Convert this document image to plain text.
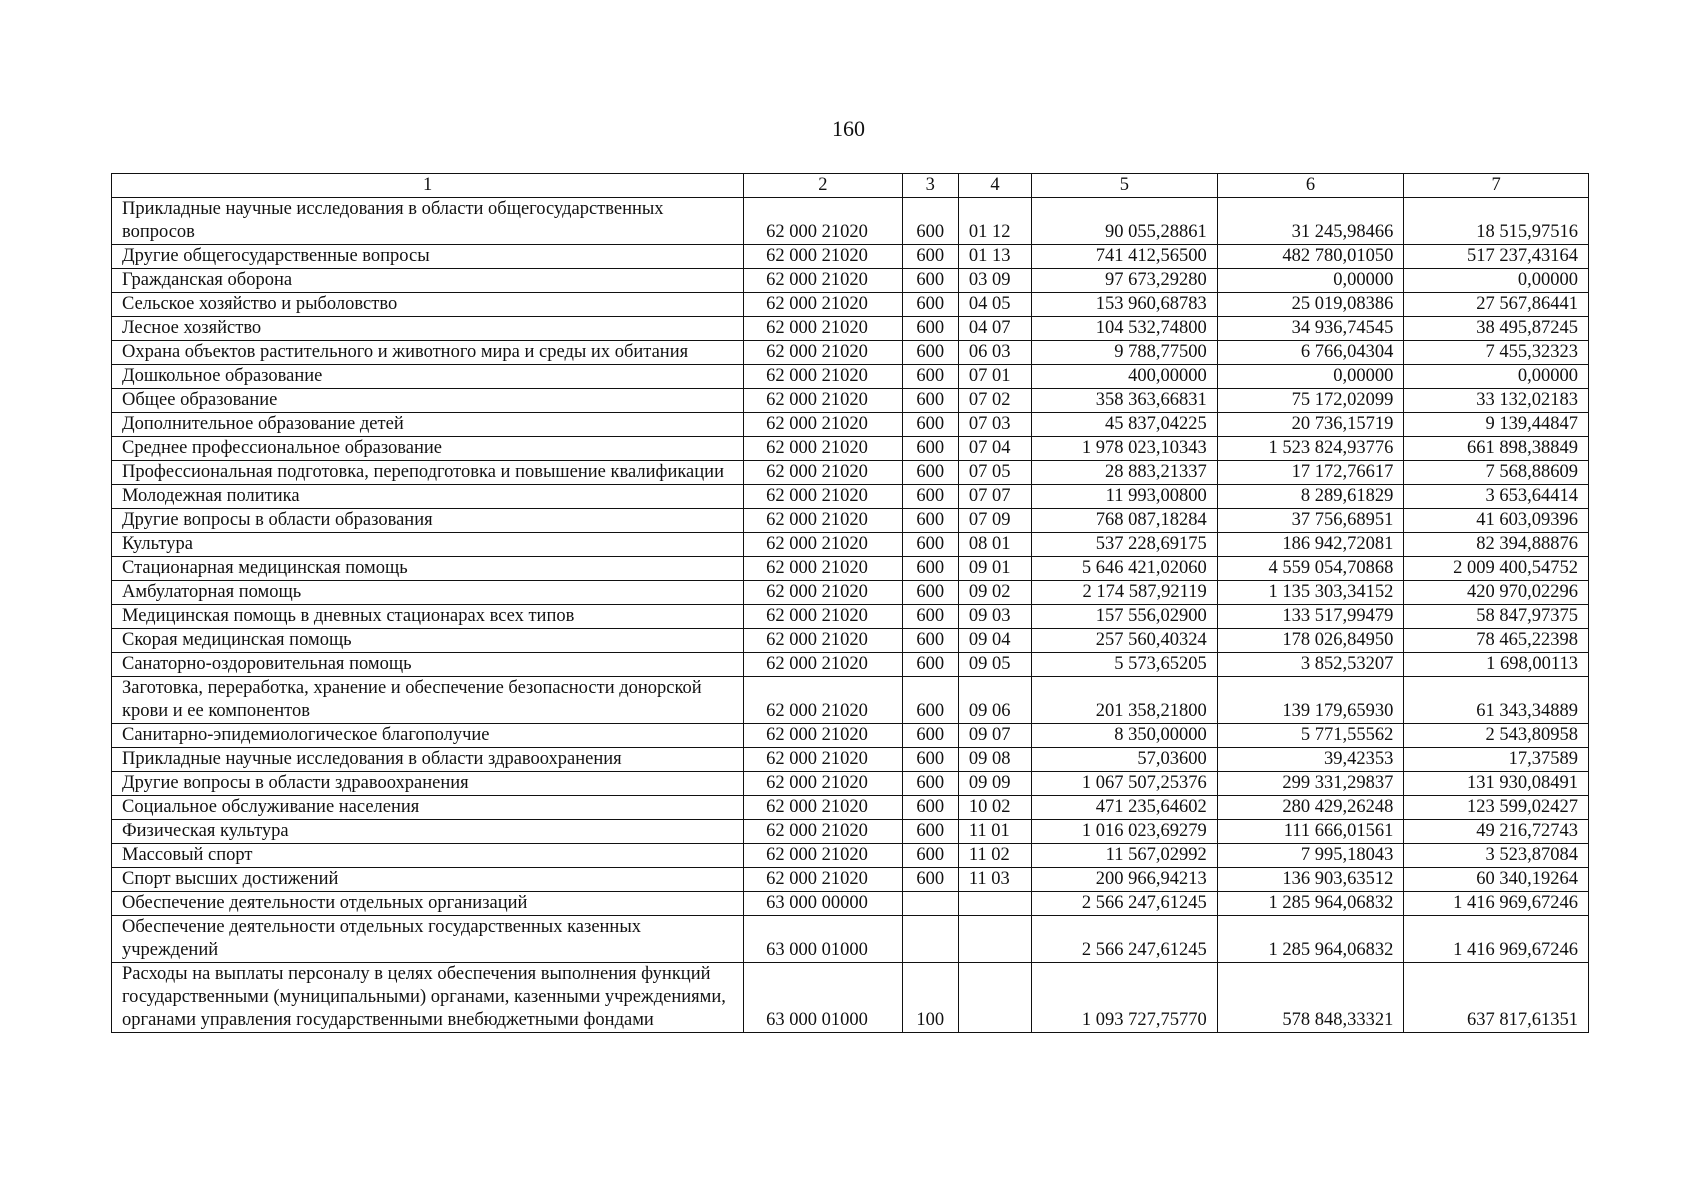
160
1	2	3	4	5	6	7
Прикладные научные исследования в области общегосударственных вопросов	62 000 21020	600	01 12	90 055,28861	31 245,98466	18 515,97516
Другие общегосударственные вопросы	62 000 21020	600	01 13	741 412,56500	482 780,01050	517 237,43164
Гражданская оборона	62 000 21020	600	03 09	97 673,29280	0,00000	0,00000
Сельское хозяйство и рыболовство	62 000 21020	600	04 05	153 960,68783	25 019,08386	27 567,86441
Лесное хозяйство	62 000 21020	600	04 07	104 532,74800	34 936,74545	38 495,87245
Охрана объектов растительного и животного мира и среды их обитания	62 000 21020	600	06 03	9 788,77500	6 766,04304	7 455,32323
Дошкольное образование	62 000 21020	600	07 01	400,00000	0,00000	0,00000
Общее образование	62 000 21020	600	07 02	358 363,66831	75 172,02099	33 132,02183
Дополнительное образование детей	62 000 21020	600	07 03	45 837,04225	20 736,15719	9 139,44847
Среднее профессиональное образование	62 000 21020	600	07 04	1 978 023,10343	1 523 824,93776	661 898,38849
Профессиональная подготовка, переподготовка и повышение квалификации	62 000 21020	600	07 05	28 883,21337	17 172,76617	7 568,88609
Молодежная политика	62 000 21020	600	07 07	11 993,00800	8 289,61829	3 653,64414
Другие вопросы в области образования	62 000 21020	600	07 09	768 087,18284	37 756,68951	41 603,09396
Культура	62 000 21020	600	08 01	537 228,69175	186 942,72081	82 394,88876
Стационарная медицинская помощь	62 000 21020	600	09 01	5 646 421,02060	4 559 054,70868	2 009 400,54752
Амбулаторная помощь	62 000 21020	600	09 02	2 174 587,92119	1 135 303,34152	420 970,02296
Медицинская помощь в дневных стационарах всех типов	62 000 21020	600	09 03	157 556,02900	133 517,99479	58 847,97375
Скорая медицинская помощь	62 000 21020	600	09 04	257 560,40324	178 026,84950	78 465,22398
Санаторно-оздоровительная помощь	62 000 21020	600	09 05	5 573,65205	3 852,53207	1 698,00113
Заготовка, переработка, хранение и обеспечение безопасности донорской крови и ее компонентов	62 000 21020	600	09 06	201 358,21800	139 179,65930	61 343,34889
Санитарно-эпидемиологическое благополучие	62 000 21020	600	09 07	8 350,00000	5 771,55562	2 543,80958
Прикладные научные исследования в области здравоохранения	62 000 21020	600	09 08	57,03600	39,42353	17,37589
Другие вопросы в области здравоохранения	62 000 21020	600	09 09	1 067 507,25376	299 331,29837	131 930,08491
Социальное обслуживание населения	62 000 21020	600	10 02	471 235,64602	280 429,26248	123 599,02427
Физическая культура	62 000 21020	600	11 01	1 016 023,69279	111 666,01561	49 216,72743
Массовый спорт	62 000 21020	600	11 02	11 567,02992	7 995,18043	3 523,87084
Спорт высших достижений	62 000 21020	600	11 03	200 966,94213	136 903,63512	60 340,19264
Обеспечение деятельности отдельных организаций	63 000 00000			2 566 247,61245	1 285 964,06832	1 416 969,67246
Обеспечение деятельности отдельных государственных казенных учреждений	63 000 01000			2 566 247,61245	1 285 964,06832	1 416 969,67246
Расходы на выплаты персоналу в целях обеспечения выполнения функций государственными (муниципальными) органами, казенными учреждениями, органами управления государственными внебюджетными фондами	63 000 01000	100		1 093 727,75770	578 848,33321	637 817,61351
